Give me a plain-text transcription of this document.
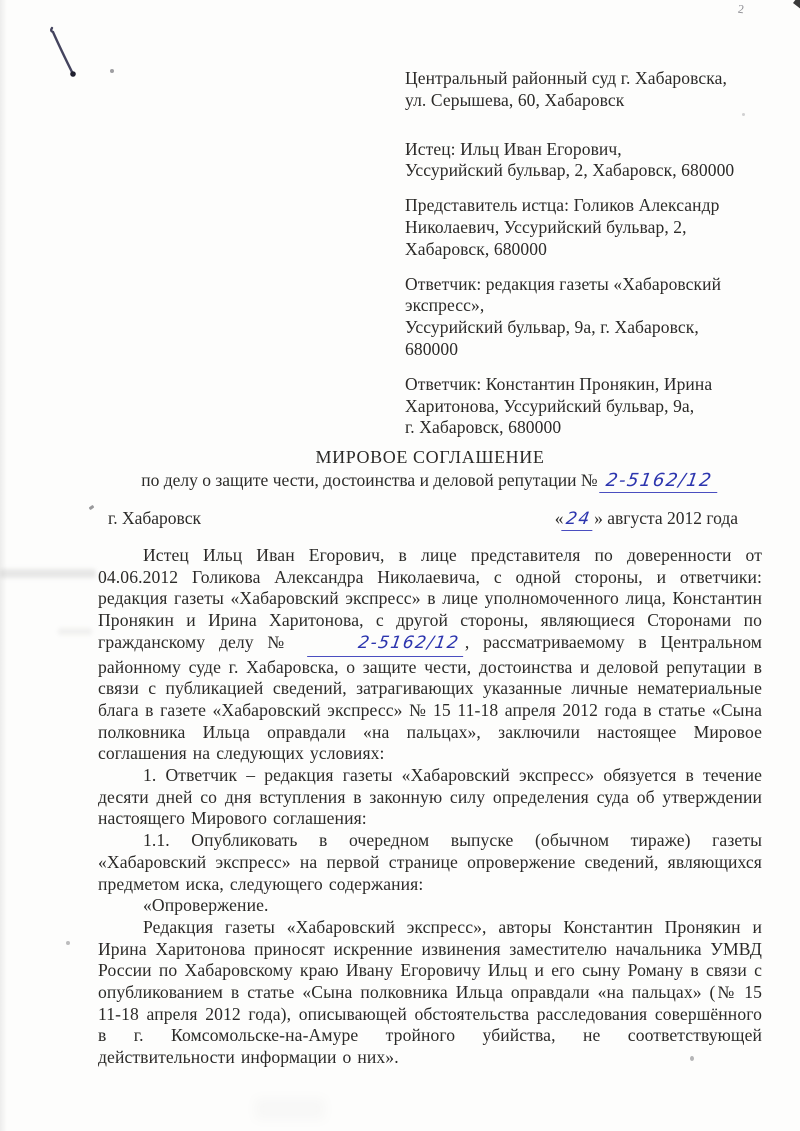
2
Центральный районный суд г. Хабаровска,
ул. Серышева, 60, Хабаровск
Истец: Ильц Иван Егорович,
Уссурийский бульвар, 2, Хабаровск, 680000
Представитель истца: Голиков Александр
Николаевич, Уссурийский бульвар, 2,
Хабаровск, 680000
Ответчик: редакция газеты «Хабаровский
экспресс»,
Уссурийский бульвар, 9а, г. Хабаровск,
680000
Ответчик: Константин Пронякин, Ирина
Харитонова, Уссурийский бульвар, 9а,
г. Хабаровск, 680000
МИРОВОЕ СОГЛАШЕНИЕ
по делу о защите чести, достоинства и деловой репутации № 2-5162/12
г. Хабаровск	«24» августа 2012 года

Истец Ильц Иван Егорович, в лице представителя по доверенности от 04.06.2012 Голикова Александра Николаевича, с одной стороны, и ответчики: редакция газеты «Хабаровский экспресс» в лице уполномоченного лица, Константин Пронякин и Ирина Харитонова, с другой стороны, являющиеся Сторонами по гражданскому делу №	2-5162/12 , рассматриваемому в Центральном районному суде г. Хабаровска, о защите чести, достоинства и деловой репутации в связи с публикацией сведений, затрагивающих указанные личные нематериальные блага в газете «Хабаровский экспресс» № 15 11-18 апреля 2012 года в статье «Сына полковника Ильца оправдали «на пальцах», заключили настоящее Мировое соглашения на следующих условиях:

1. Ответчик – редакция газеты «Хабаровский экспресс» обязуется в течение десяти дней со дня вступления в законную силу определения суда об утверждении настоящего Мирового соглашения:

1.1. Опубликовать в очередном выпуске (обычном тираже) газеты «Хабаровский экспресс» на первой странице опровержение сведений, являющихся предметом иска, следующего содержания:

«Опровержение.

Редакция газеты «Хабаровский экспресс», авторы Константин Пронякин и Ирина Харитонова приносят искренние извинения заместителю начальника УМВД России по Хабаровскому краю Ивану Егоровичу Ильц и его сыну Роману в связи с опубликованием в статье «Сына полковника Ильца оправдали «на пальцах» (№ 15 11-18 апреля 2012 года), описывающей обстоятельства расследования совершённого в г. Комсомольске-на-Амуре тройного убийства, не соответствующей действительности информации о них».
